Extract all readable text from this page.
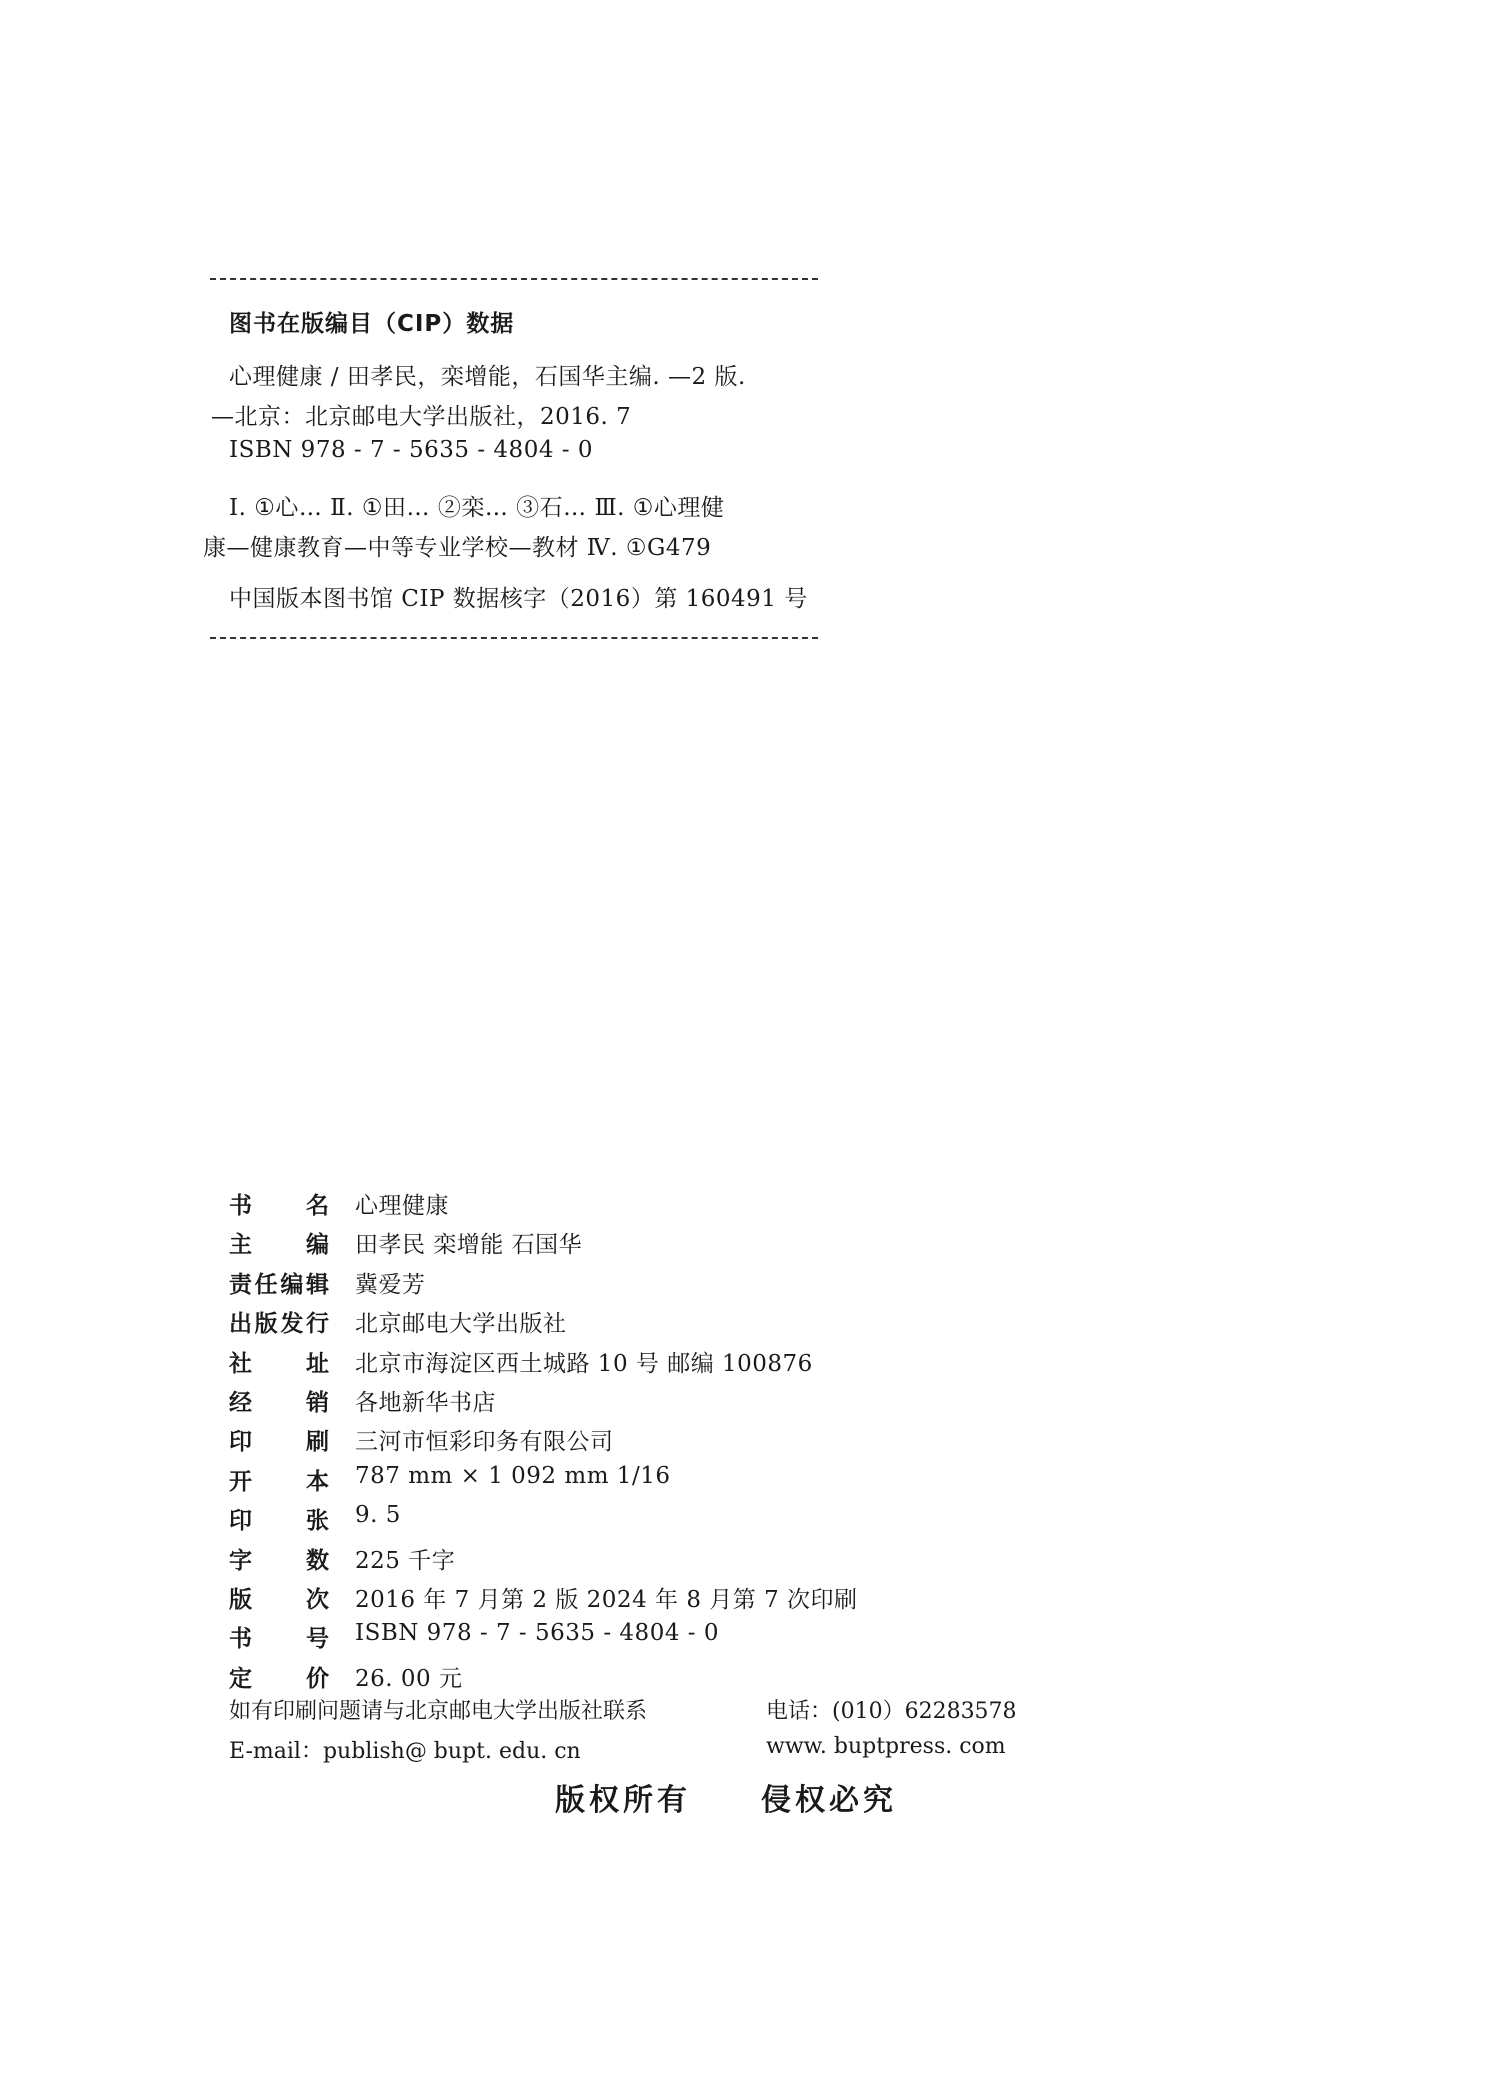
图书在版编目（CIP）数据
心理健康 / 田孝民，栾增能，石国华主编. —2 版.
—北京：北京邮电大学出版社，2016. 7
ISBN 978 - 7 - 5635 - 4804 - 0
Ⅰ. ①心… Ⅱ. ①田… ②栾… ③石… Ⅲ. ①心理健
康—健康教育—中等专业学校—教材 Ⅳ. ①G479
中国版本图书馆 CIP 数据核字（2016）第 160491 号
书 名 心理健康
主 编 田孝民 栾增能 石国华
责 任 编 辑 冀爱芳
出 版 发 行 北京邮电大学出版社
社 址 北京市海淀区西土城路 10 号 邮编 100876
经 销 各地新华书店
印 刷 三河市恒彩印务有限公司
开 本 787 mm × 1 092 mm 1/16
印 张 9. 5
字 数 225 千字
版 次 2016 年 7 月第 2 版 2024 年 8 月第 7 次印刷
书 号 ISBN 978 - 7 - 5635 - 4804 - 0
定 价 26. 00 元
如有印刷问题请与北京邮电大学出版社联系	电话：(010）62283578
E-mail：publish@ bupt. edu. cn	www. buptpress. com
版权所有 侵权必究
